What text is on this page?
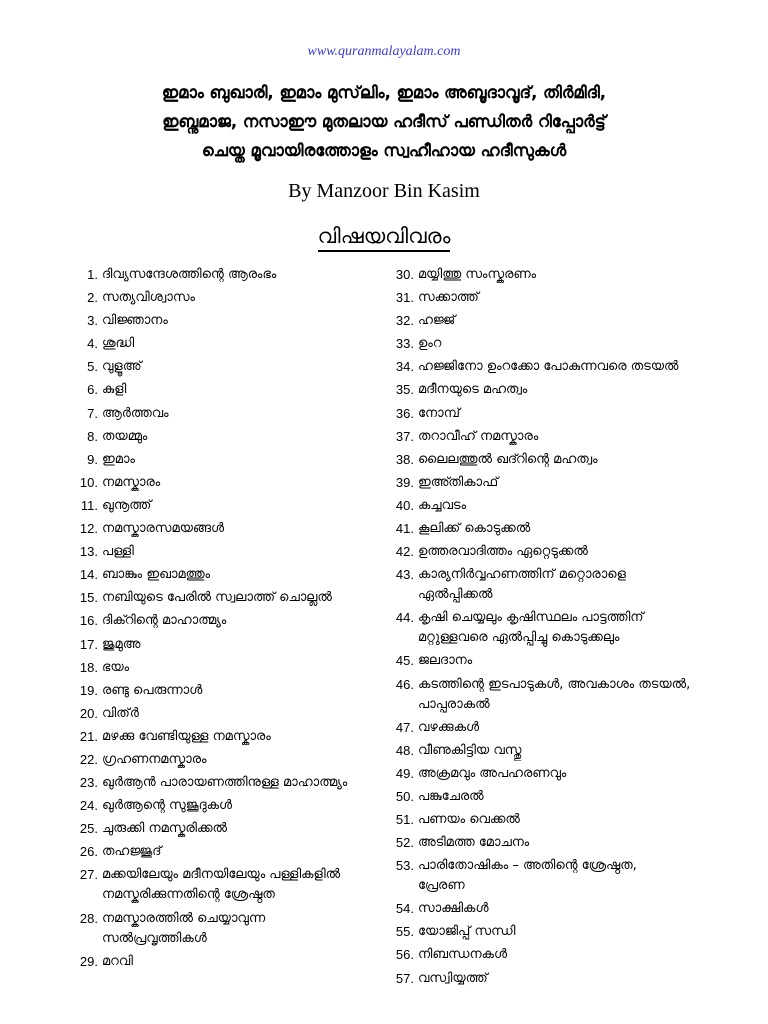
www.quranmalayalam.com
ഇമാം ബുഖാരി, ഇമാം മുസ്‌ലിം, ഇമാം അബൂദാവൂദ്, തിർമിദി,
ഇബ്നുമാജ, നസാഈ മുതലായ ഹദീസ് പണ്ഡിതർ റിപ്പോർട്ട്
ചെയ്ത മൂവായിരത്തോളം സ്വഹീഹായ ഹദീസുകൾ
By Manzoor Bin Kasim
വിഷയവിവരം
1. ദിവ്യസന്ദേശത്തിന്റെ ആരംഭം
2. സത്യവിശ്വാസം
3. വിജ്ഞാനം
4. ശുദ്ധി
5. വുളൂഅ്
6. കുളി
7. ആർത്തവം
8. തയമ്മും
9. ഇമാം
10. നമസ്കാരം
11. ഖുനൂത്ത്
12. നമസ്കാരസമയങ്ങൾ
13. പള്ളി
14. ബാങ്കും ഇഖാമത്തും
15. നബിയുടെ പേരിൽ സ്വലാത്ത് ചൊല്ലൽ
16. ദിക്റിന്റെ മാഹാത്മ്യം
17. ജുമുഅ
18. ഭയം
19. രണ്ടു പെരുന്നാൾ
20. വിത്ർ
21. മഴക്കു വേണ്ടിയുള്ള നമസ്കാരം
22. ഗ്രഹണനമസ്കാരം
23. ഖുർആൻ പാരായണത്തിനുള്ള മാഹാത്മ്യം
24. ഖുർആന്റെ സുജൂദുകൾ
25. ചുരുക്കി നമസ്കരിക്കൽ
26. തഹജ്ജുദ്
27. മക്കയിലേയും മദീനയിലേയും പള്ളികളിൽ
നമസ്കരിക്കുന്നതിന്റെ ശ്രേഷ്ഠത
28. നമസ്കാരത്തിൽ ചെയ്യാവുന്ന
സൽപ്രവൃത്തികൾ
29. മറവി
30. മയ്യിത്തു സംസ്കരണം
31. സക്കാത്ത്
32. ഹജ്ജ്
33. ഉംറ
34. ഹജ്ജിനോ ഉംറക്കോ പോകുന്നവരെ തടയൽ
35. മദീനയുടെ മഹത്വം
36. നോമ്പ്
37. തറാവീഹ് നമസ്കാരം
38. ലൈലത്തുൽ ഖദ്റിന്റെ മഹത്വം
39. ഇഅ്തികാഫ്
40. കച്ചവടം
41. കൂലിക്ക് കൊടുക്കൽ
42. ഉത്തരവാദിത്തം ഏറ്റെടുക്കൽ
43. കാര്യനിർവ്വഹണത്തിന് മറ്റൊരാളെ
ഏൽപ്പിക്കൽ
44. കൃഷി ചെയ്യലും കൃഷിസ്ഥലം പാട്ടത്തിന്
മറ്റുള്ളവരെ ഏൽപ്പിച്ചു കൊടുക്കലും
45. ജലദാനം
46. കടത്തിന്റെ ഇടപാടുകൾ, അവകാശം തടയൽ,
പാപ്പരാകൽ
47. വഴക്കുകൾ
48. വീണുകിട്ടിയ വസ്തു
49. അക്രമവും അപഹരണവും
50. പങ്കുചേരൽ
51. പണയം വെക്കൽ
52. അടിമത്ത മോചനം
53. പാരിതോഷികം – അതിന്റെ ശ്രേഷ്ഠത,
പ്രേരണ
54. സാക്ഷികൾ
55. യോജിപ്പ് സന്ധി
56. നിബന്ധനകൾ
57. വസ്വിയ്യത്ത്
